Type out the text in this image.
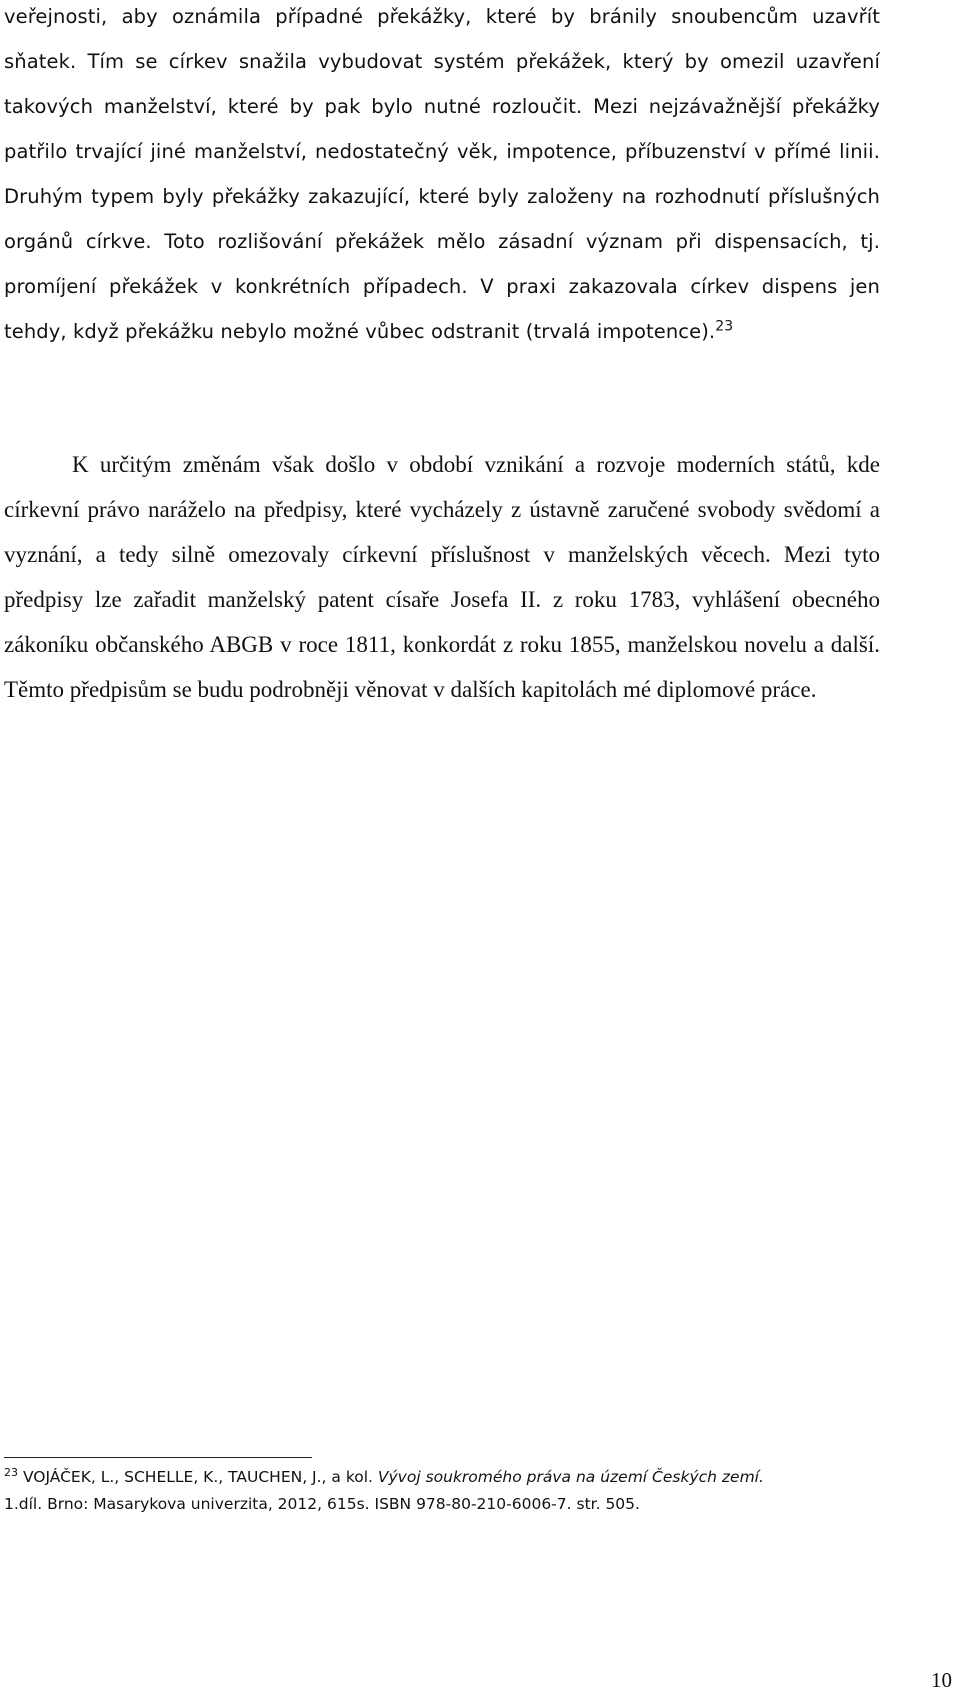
veřejnosti, aby oznámila případné překážky, které by bránily snoubencům uzavřít sňatek. Tím se církev snažila vybudovat systém překážek, který by omezil uzavření takových manželství, které by pak bylo nutné rozloučit. Mezi nejzávažnější překážky patřilo trvající jiné manželství, nedostatečný věk, impotence, příbuzenství v přímé linii. Druhým typem byly překážky zakazující, které byly založeny na rozhodnutí příslušných orgánů církve. Toto rozlišování překážek mělo zásadní význam při dispensacích, tj. promíjení překážek v konkrétních případech. V praxi zakazovala církev dispens jen tehdy, když překážku nebylo možné vůbec odstranit (trvalá impotence).$^{23}$

K určitým změnám však došlo v období vznikání a rozvoje moderních států, kde církevní právo naráželo na předpisy, které vycházely z ústavně zaručené svobody svědomí a vyznání, a tedy silně omezovaly církevní příslušnost v manželských věcech. Mezi tyto předpisy lze zařadit manželský patent císaře Josefa II. z roku 1783, vyhlášení obecného zákoníku občanského ABGB v roce 1811, konkordát z roku 1855, manželskou novelu a další. Těmto předpisům se budu podrobněji věnovat v dalších kapitolách mé diplomové práce.

$^{23}$ VOJÁČEK, L., SCHELLE, K., TAUCHEN, J., a kol. Vývoj soukromého práva na území Českých zemí.
1.díl. Brno: Masarykova univerzita, 2012, 615s. ISBN 978-80-210-6006-7. str. 505.

10
